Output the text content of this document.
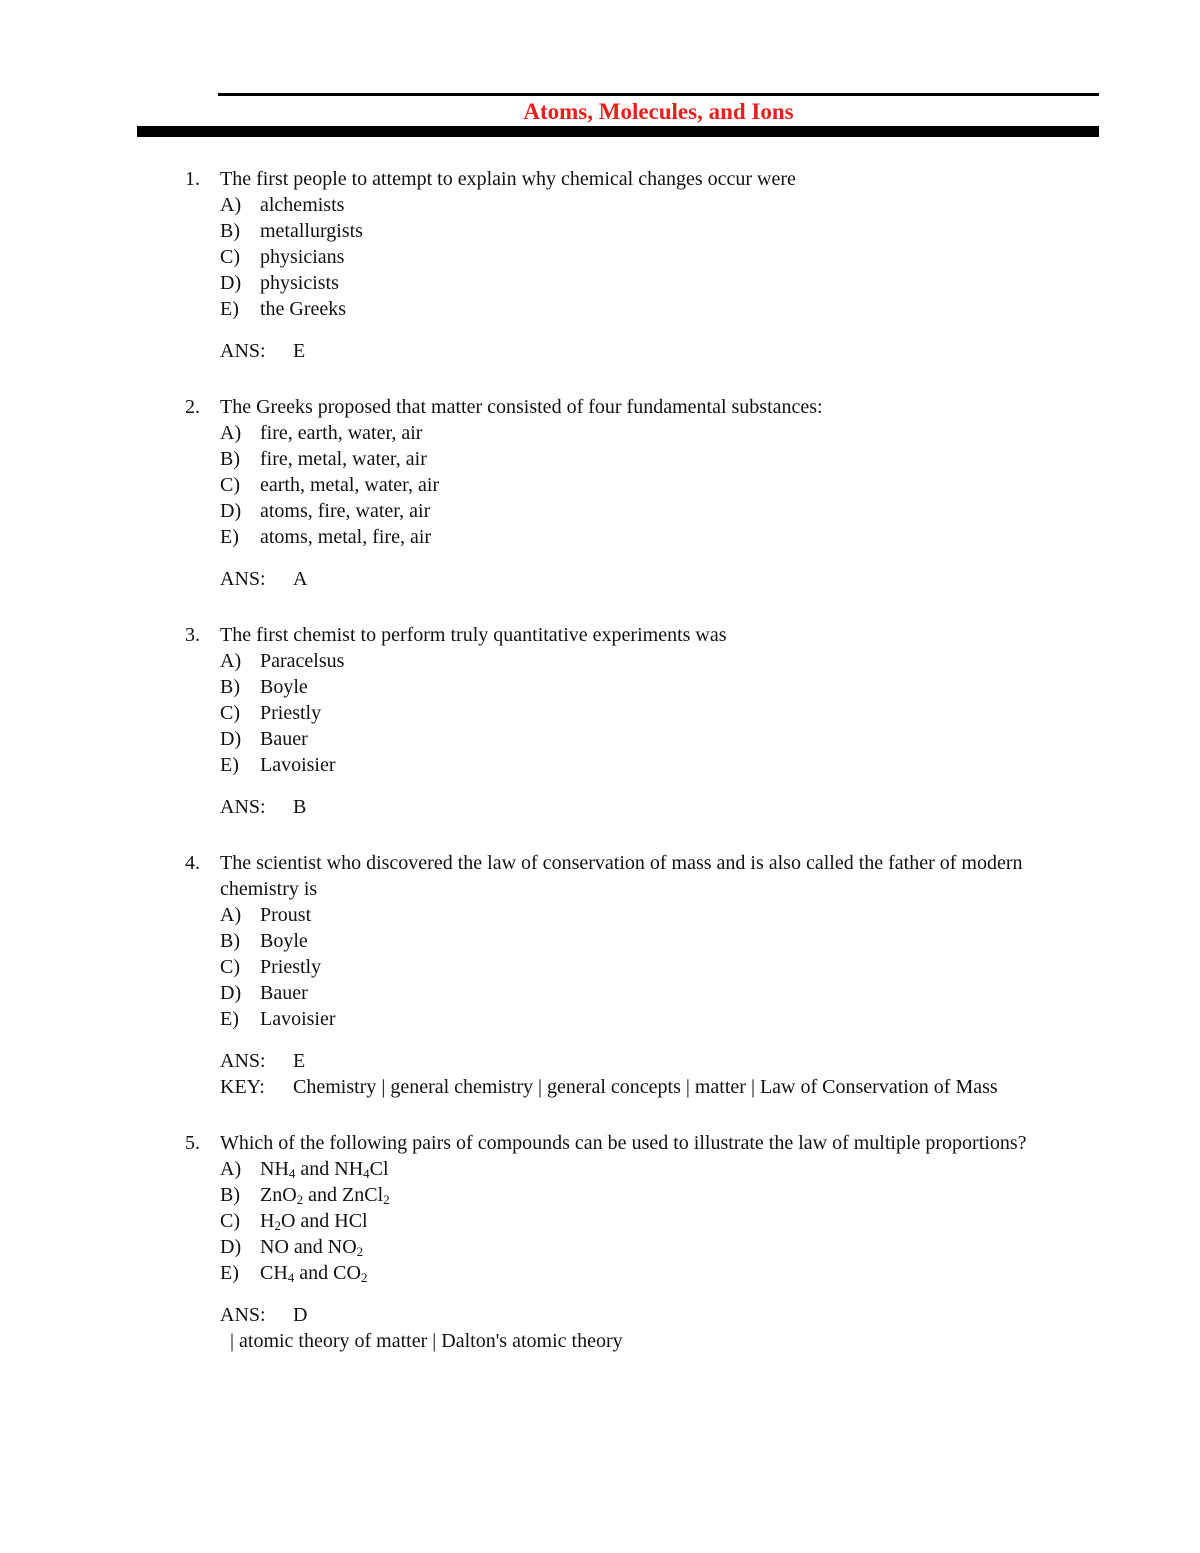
Atoms, Molecules, and Ions
1.	The first people to attempt to explain why chemical changes occur were

A) alchemists
B)	metallurgists
C)	physicians
D) physicists
E)	the Greeks
ANS: E
2.	The Greeks proposed that matter consisted of four fundamental substances:

A) fire, earth, water, air
B)	fire, metal, water, air
C)	earth, metal, water, air
D) atoms, fire, water, air
E)	atoms, metal, fire, air
ANS: A
3.	The first chemist to perform truly quantitative experiments was

A) Paracelsus
B)	Boyle
C)	Priestly
D) Bauer
E)	Lavoisier
ANS: B
4.	The scientist who discovered the law of conservation of mass and is also called the father of modern chemistry is

A) Proust
B)	Boyle
C)	Priestly
D) Bauer
E)	Lavoisier
ANS: E
KEY: Chemistry | general chemistry | general concepts | matter | Law of Conservation of Mass
5.	Which of the following pairs of compounds can be used to illustrate the law of multiple proportions?

A) $NH_4$ and $NH_4Cl$
B)	ZnO$_2$ and ZnCl$_2$
C)	$H_2O$ and HCl
D) NO and $NO_2$
E)	$CH_4$ and $CO_2$
ANS: D
| atomic theory of matter | Dalton's atomic theory
